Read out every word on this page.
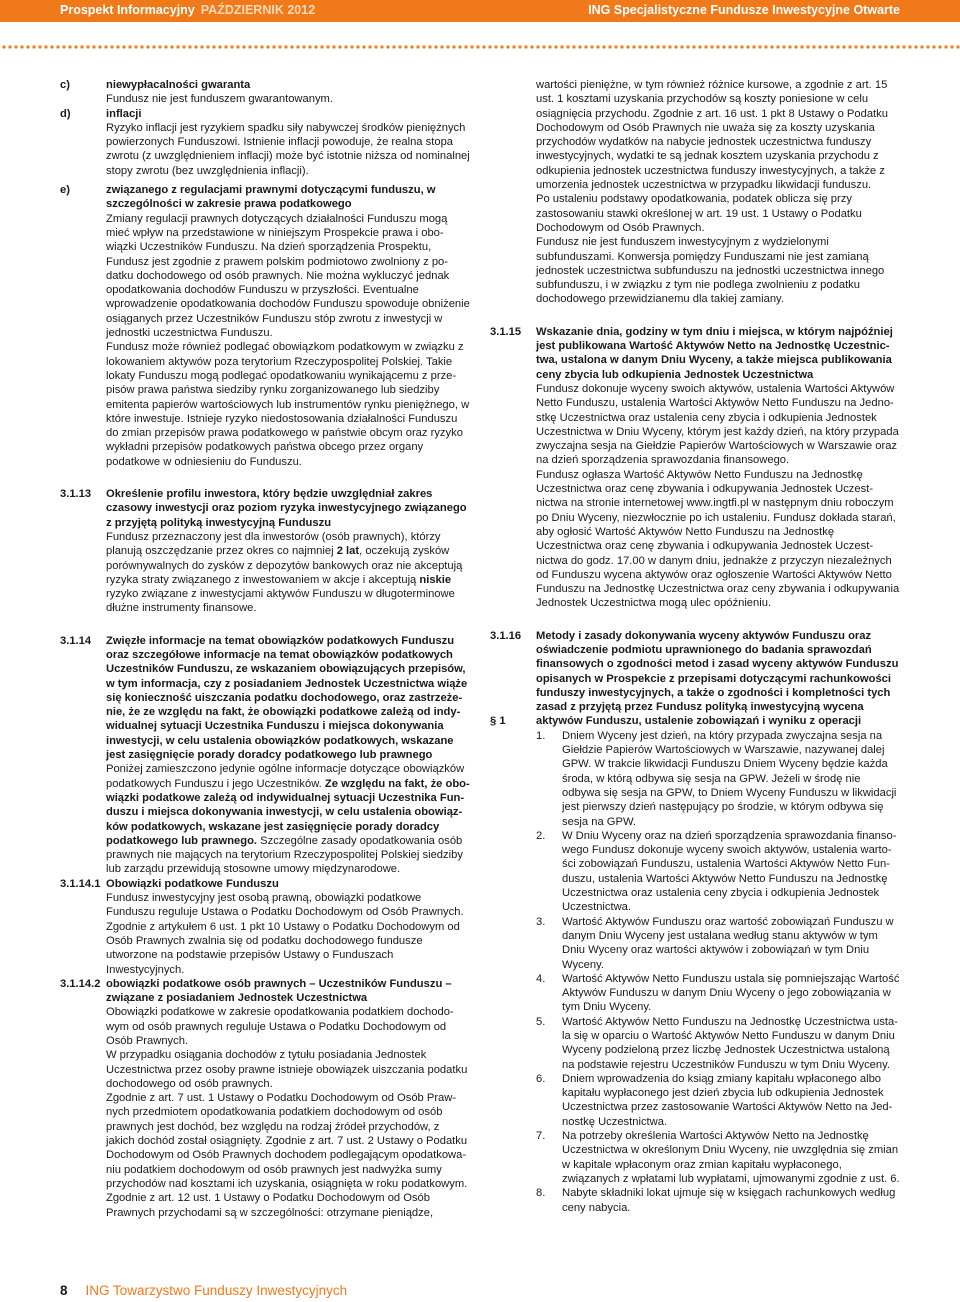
Prospekt Informacyjny PAŹDZIERNIK 2012	ING Specjalistyczne Fundusze Inwestycyjne Otwarte
c)	niewypłacalności gwaranta

Fundusz nie jest funduszem gwarantowanym.

d)	inflacji

Ryzyko inflacji jest ryzykiem spadku siły nabywczej środków pieniężnych powierzonych Funduszowi. Istnienie inflacji powoduje, że realna stopa zwrotu (z uwzględnieniem inflacji) może być istotnie niższa od nominalnej stopy zwrotu (bez uwzględnienia inflacji).

e)	związanego z regulacjami prawnymi dotyczącymi funduszu, w szczególności w zakresie prawa podatkowego

Zmiany regulacji prawnych dotyczących działalności Funduszu mogą mieć wpływ na przedstawione w niniejszym Prospekcie prawa i obowiązki Uczestników Funduszu. Na dzień sporządzenia Prospektu, Fundusz jest zgodnie z prawem polskim podmiotowo zwolniony z podatku dochodowego od osób prawnych. Nie można wykluczyć jednak opodatkowania dochodów Funduszu w przyszłości. Eventualne wprowadzenie opodatkowania dochodów Funduszu spowoduje obniżenie osiąganych przez Uczestników Funduszu stóp zwrotu z inwestycji w jednostki uczestnictwa Funduszu.

Fundusz może również podlegać obowiązkom podatkowym w związku z lokowaniem aktywów poza terytorium Rzeczypospolitej Polskiej. Takie lokaty Funduszu mogą podlegać opodatkowaniu wynikającemu z przepisów prawa państwa siedziby rynku zorganizowanego lub siedziby emitenta papierów wartościowych lub instrumentów rynku pieniężnego, w które inwestuje. Istnieje ryzyko niedostosowania działalności Funduszu do zmian przepisów prawa podatkowego w państwie obcym oraz ryzyko wykładni przepisów podatkowych państwa obcego przez organy podatkowe w odniesieniu do Funduszu.

3.1.13 Określenie profilu inwestora, który będzie uwzględniał zakres czasowy inwestycji oraz poziom ryzyka inwestycyjnego związanego z przyjętą polityką inwestycyjną Funduszu

Fundusz przeznaczony jest dla inwestorów (osób prawnych), którzy planują oszczędzanie przez okres co najmniej 2 lat, oczekują zysków porównywalnych do zysków z depozytów bankowych oraz nie akceptują ryzyka straty związanego z inwestowaniem w akcje i akceptują niskie ryzyko związane z inwestycjami aktywów Funduszu w długoterminowe dłużne instrumenty finansowe.

3.1.14 Zwięzłe informacje na temat obowiązków podatkowych Funduszu oraz szczegółowe informacje na temat obowiązków podatkowych Uczestników Funduszu, ze wskazaniem obowiązujących przepisów, w tym informacja, czy z posiadaniem Jednostek Uczestnictwa wiąże się konieczność uiszczania podatku dochodowego, oraz zastrzeżenie, że ze względu na fakt, że obowiązki podatkowe zależą od indywidualnej sytuacji Uczestnika Funduszu i miejsca dokonywania inwestycji, w celu ustalenia obowiązków podatkowych, wskazane jest zasięgnięcie porady doradcy podatkowego lub prawnego

Poniżej zamieszczono jedynie ogólne informacje dotyczące obowiązków podatkowych Funduszu i jego Uczestników. Ze względu na fakt, że obowiązki podatkowe zależą od indywidualnej sytuacji Uczestnika Funduszu i miejsca dokonywania inwestycji, w celu ustalenia obowiązków podatkowych, wskazane jest zasięgnięcie porady doradcy podatkowego lub prawnego. Szczególne zasady opodatkowania osób prawnych nie mających na terytorium Rzeczypospolitej Polskiej siedziby lub zarządu przewidują stosowne umowy międzynarodowe.

3.1.14.1 Obowiązki podatkowe Funduszu

Fundusz inwestycyjny jest osobą prawną, obowiązki podatkowe Funduszu reguluje Ustawa o Podatku Dochodowym od Osób Prawnych. Zgodnie z artykułem 6 ust. 1 pkt 10 Ustawy o Podatku Dochodowym od Osób Prawnych zwalnia się od podatku dochodowego fundusze utworzone na podstawie przepisów Ustawy o Funduszach Inwestycyjnych.

3.1.14.2 obowiązki podatkowe osób prawnych – Uczestników Funduszu – związane z posiadaniem Jednostek Uczestnictwa

Obowiązki podatkowe w zakresie opodatkowania podatkiem dochodowym od osób prawnych reguluje Ustawa o Podatku Dochodowym od Osób Prawnych.

W przypadku osiągania dochodów z tytułu posiadania Jednostek Uczestnictwa przez osoby prawne istnieje obowiązek uiszczania podatku dochodowego od osób prawnych.

Zgodnie z art. 7 ust. 1 Ustawy o Podatku Dochodowym od Osób Prawnych przedmiotem opodatkowania podatkiem dochodowym od osób prawnych jest dochód, bez względu na rodzaj źródeł przychodów, z jakich dochód został osiągnięty. Zgodnie z art. 7 ust. 2 Ustawy o Podatku Dochodowym od Osób Prawnych dochodem podlegającym opodatkowaniu podatkiem dochodowym od osób prawnych jest nadwyżka sumy przychodów nad kosztami ich uzyskania, osiągnięta w roku podatkowym. Zgodnie z art. 12 ust. 1 Ustawy o Podatku Dochodowym od Osób Prawnych przychodami są w szczególności: otrzymane pieniądze,

wartości pieniężne, w tym również różnice kursowe, a zgodnie z art. 15 ust. 1 kosztami uzyskania przychodów są koszty poniesione w celu osiągnięcia przychodu. Zgodnie z art. 16 ust. 1 pkt 8 Ustawy o Podatku Dochodowym od Osób Prawnych nie uważa się za koszty uzyskania przychodów wydatków na nabycie jednostek uczestnictwa funduszy inwestycyjnych, wydatki te są jednak kosztem uzyskania przychodu z odkupienia jednostek uczestnictwa funduszy inwestycyjnych, a także z umorzenia jednostek uczestnictwa w przypadku likwidacji funduszu.

Po ustaleniu podstawy opodatkowania, podatek oblicza się przy zastosowaniu stawki określonej w art. 19 ust. 1 Ustawy o Podatku Dochodowym od Osób Prawnych.

Fundusz nie jest funduszem inwestycyjnym z wydzielonymi subfunduszami. Konwersja pomiędzy Funduszami nie jest zamianą jednostek uczestnictwa subfunduszu na jednostki uczestnictwa innego subfunduszu, i w związku z tym nie podlega zwolnieniu z podatku dochodowego przewidzianemu dla takiej zamiany.

3.1.15 Wskazanie dnia, godziny w tym dniu i miejsca, w którym najpóźniej jest publikowana Wartość Aktywów Netto na Jednostkę Uczestnictwa, ustalona w danym Dniu Wyceny, a także miejsca publikowania ceny zbycia lub odkupienia Jednostek Uczestnictwa

Fundusz dokonuje wyceny swoich aktywów, ustalenia Wartości Aktywów Netto Funduszu, ustalenia Wartości Aktywów Netto Funduszu na Jednostkę Uczestnictwa oraz ustalenia ceny zbycia i odkupienia Jednostek Uczestnictwa w Dniu Wyceny, którym jest każdy dzień, na który przypada zwyczajna sesja na Giełdzie Papierów Wartościowych w Warszawie oraz na dzień sporządzenia sprawozdania finansowego.

Fundusz ogłasza Wartość Aktywów Netto Funduszu na Jednostkę Uczestnictwa oraz cenę zbywania i odkupywania Jednostek Uczestnictwa na stronie internetowej www.ingtfi.pl w następnym dniu roboczym po Dniu Wyceny, niezwłocznie po ich ustaleniu. Fundusz dokłada starań, aby ogłosić Wartość Aktywów Netto Funduszu na Jednostkę Uczestnictwa oraz cenę zbywania i odkupywania Jednostek Uczestnictwa do godz. 17.00 w danym dniu, jednakże z przyczyn niezależnych od Funduszu wycena aktywów oraz ogłoszenie Wartości Aktywów Netto Funduszu na Jednostkę Uczestnictwa oraz ceny zbywania i odkupywania Jednostek Uczestnictwa mogą ulec opóźnieniu.

3.1.16
§ 1

Metody i zasady dokonywania wyceny aktywów Funduszu oraz oświadczenie podmiotu uprawnionego do badania sprawozdań finansowych o zgodności metod i zasad wyceny aktywów Funduszu opisanych w Prospekcie z przepisami dotyczącymi rachunkowości funduszy inwestycyjnych, a także o zgodności i kompletności tych zasad z przyjętą przez Fundusz polityką inwestycyjną wycena aktywów Funduszu, ustalenie zobowiązań i wyniku z operacji

1. Dniem Wyceny jest dzień, na który przypada zwyczajna sesja na Giełdzie Papierów Wartościowych w Warszawie, nazywanej dalej GPW. W trakcie likwidacji Funduszu Dniem Wyceny będzie każda środa, w którą odbywa się sesja na GPW. Jeżeli w środę nie odbywa się sesja na GPW, to Dniem Wyceny Funduszu w likwidacji jest pierwszy dzień następujący po środzie, w którym odbywa się sesja na GPW.

2. W Dniu Wyceny oraz na dzień sporządzenia sprawozdania finansowego Fundusz dokonuje wyceny swoich aktywów, ustalenia wartości zobowiązań Funduszu, ustalenia Wartości Aktywów Netto Funduszu, ustalenia Wartości Aktywów Netto Funduszu na Jednostkę Uczestnictwa oraz ustalenia ceny zbycia i odkupienia Jednostek Uczestnictwa.

3. Wartość Aktywów Funduszu oraz wartość zobowiązań Funduszu w danym Dniu Wyceny jest ustalana według stanu aktywów w tym Dniu Wyceny oraz wartości aktywów i zobowiązań w tym Dniu Wyceny.

4. Wartość Aktywów Netto Funduszu ustala się pomniejszając Wartość Aktywów Funduszu w danym Dniu Wyceny o jego zobowiązania w tym Dniu Wyceny.

5. Wartość Aktywów Netto Funduszu na Jednostkę Uczestnictwa ustala się w oparciu o Wartość Aktywów Netto Funduszu w danym Dniu Wyceny podzieloną przez liczbę Jednostek Uczestnictwa ustaloną na podstawie rejestru Uczestników Funduszu w tym Dniu Wyceny.

6. Dniem wprowadzenia do ksiąg zmiany kapitału wpłaconego albo kapitału wypłaconego jest dzień zbycia lub odkupienia Jednostek Uczestnictwa przez zastosowanie Wartości Aktywów Netto na Jednostkę Uczestnictwa.

7. Na potrzeby określenia Wartości Aktywów Netto na Jednostkę Uczestnictwa w określonym Dniu Wyceny, nie uwzględnia się zmian w kapitale wpłaconym oraz zmian kapitału wypłaconego, związanych z wpłatami lub wypłatami, ujmowanymi zgodnie z ust. 6.

8. Nabyte składniki lokat ujmuje się w księgach rachunkowych według ceny nabycia.

8 ING Towarzystwo Funduszy Inwestycyjnych
